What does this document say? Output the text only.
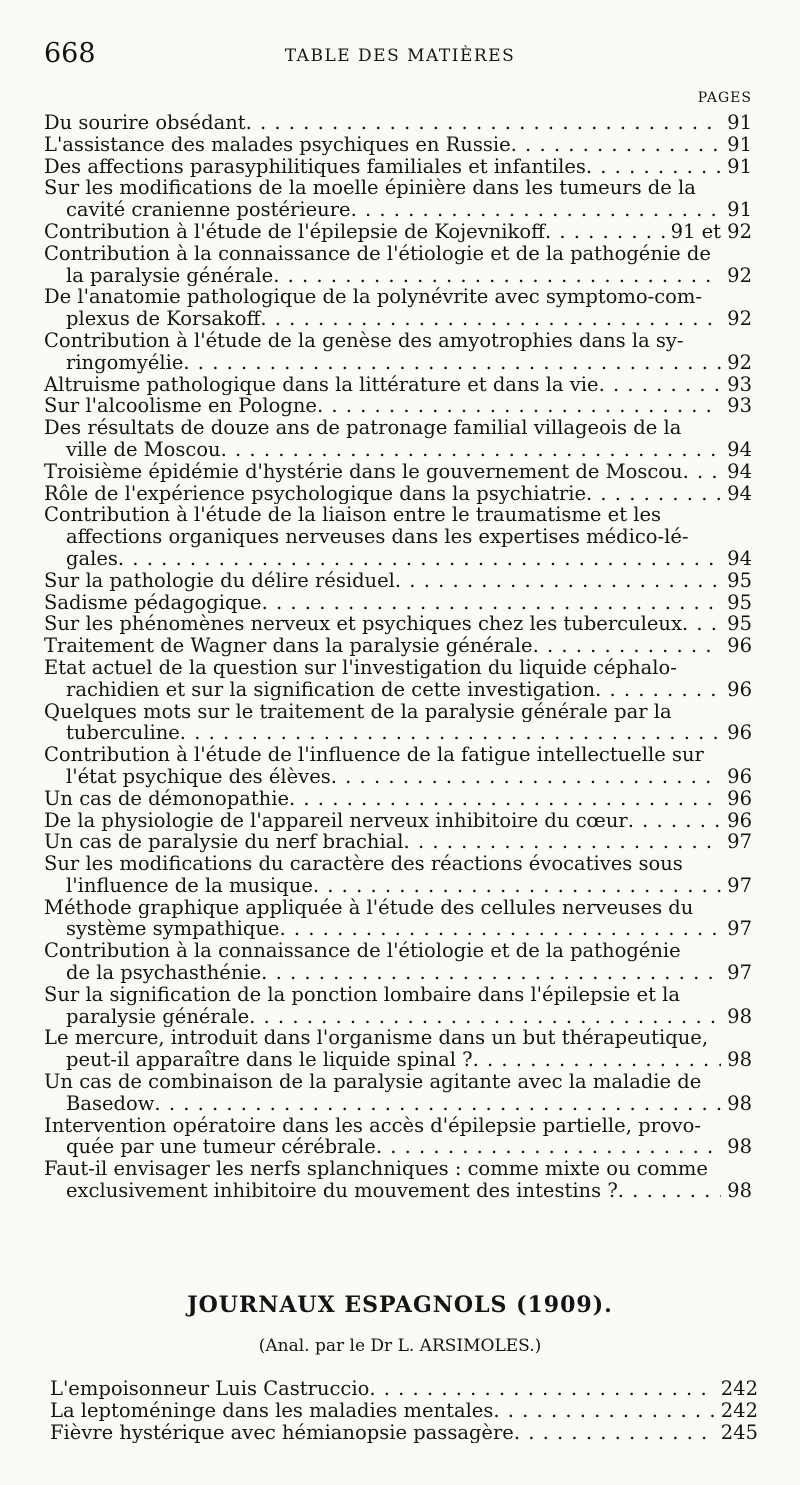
668	TABLE DES MATIÈRES
PAGES
Du sourire obsédant . . .	91
L'assistance des malades psychiques en Russie . . .	91
Des affections parasyphilitiques familiales et infantiles . . .	91
Sur les modifications de la moelle épinière dans les tumeurs de la
cavité cranienne postérieure . . .	91
Contribution à l'étude de l'épilepsie de Kojevnikoff . . .	91 et 92
Contribution à la connaissance de l'étiologie et de la pathogénie de
la paralysie générale . . .	92
De l'anatomie pathologique de la polynévrite avec symptomo-com-
plexus de Korsakoff . . .	92
Contribution à l'étude de la genèse des amyotrophies dans la sy-
ringomyélie . . .	92
Altruisme pathologique dans la littérature et dans la vie . . .	93
Sur l'alcoolisme en Pologne . . .	93
Des résultats de douze ans de patronage familial villageois de la
ville de Moscou . . .	94
Troisième épidémie d'hystérie dans le gouvernement de Moscou . . .	94
Rôle de l'expérience psychologique dans la psychiatrie . . .	94
Contribution à l'étude de la liaison entre le traumatisme et les
affections organiques nerveuses dans les expertises médico-lé-
gales . . .	94
Sur la pathologie du délire résiduel . . .	95
Sadisme pédagogique . . .	95
Sur les phénomènes nerveux et psychiques chez les tuberculeux . . .	95
Traitement de Wagner dans la paralysie générale . . .	96
Etat actuel de la question sur l'investigation du liquide céphalo-
rachidien et sur la signification de cette investigation . . .	96
Quelques mots sur le traitement de la paralysie générale par la
tuberculine . . .	96
Contribution à l'étude de l'influence de la fatigue intellectuelle sur
l'état psychique des élèves . . .	96
Un cas de démonopathie . . .	96
De la physiologie de l'appareil nerveux inhibitoire du cœur . . .	96
Un cas de paralysie du nerf brachial . . .	97
Sur les modifications du caractère des réactions évocatives sous
l'influence de la musique . . .	97
Méthode graphique appliquée à l'étude des cellules nerveuses du
système sympathique . . .	97
Contribution à la connaissance de l'étiologie et de la pathogénie
de la psychasthénie . . .	97
Sur la signification de la ponction lombaire dans l'épilepsie et la
paralysie générale . . .	98
Le mercure, introduit dans l'organisme dans un but thérapeutique,
peut-il apparaître dans le liquide spinal ? . . .	98
Un cas de combinaison de la paralysie agitante avec la maladie de
Basedow . . .	98
Intervention opératoire dans les accès d'épilepsie partielle, provo-
quée par une tumeur cérébrale . . .	98
Faut-il envisager les nerfs splanchniques : comme mixte ou comme
exclusivement inhibitoire du mouvement des intestins ? . . .	98
JOURNAUX ESPAGNOLS (1909).
(Anal. par le Dr L. ARSIMOLES.)
L'empoisonneur Luis Castruccio . . .	242
La leptoméninge dans les maladies mentales . . .	242
Fièvre hystérique avec hémianopsie passagère . . .	245
